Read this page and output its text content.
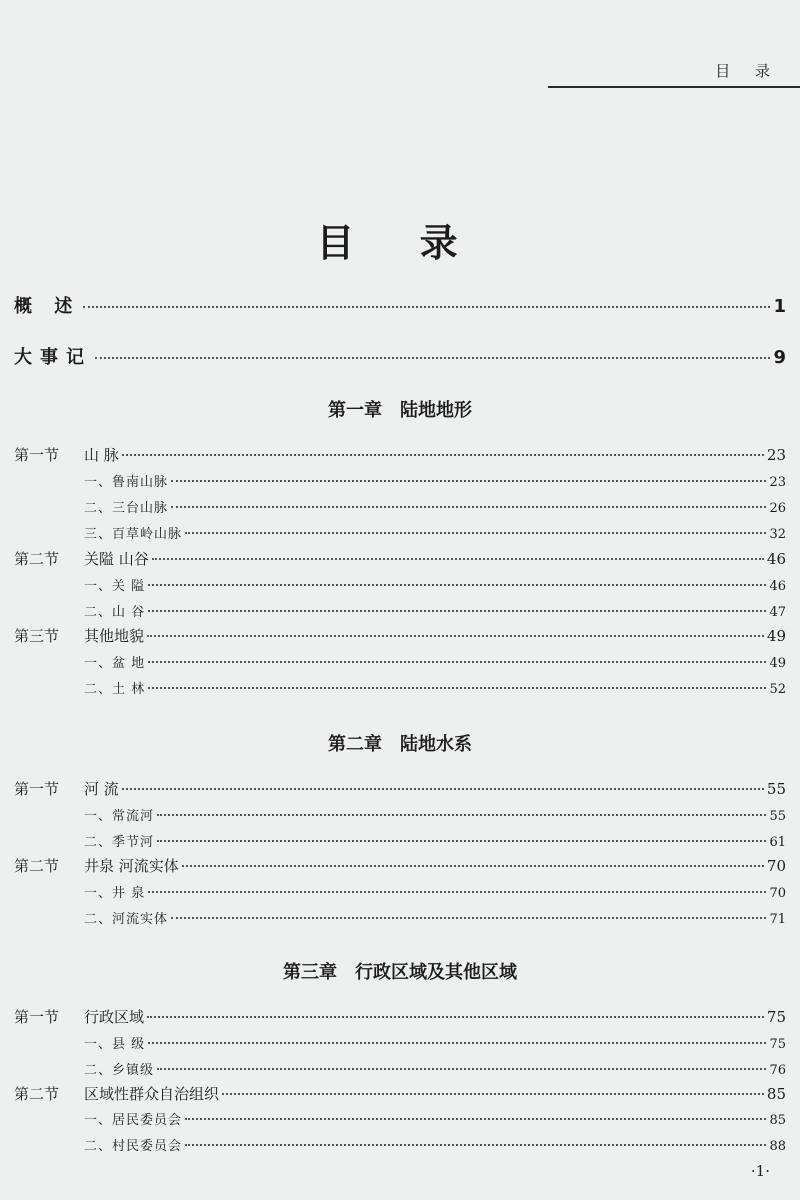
目 录
目 录
概 述	1
大事记	9
第一章 陆地地形
第一节	山 脉	23
一、鲁南山脉	23
二、三台山脉	26
三、百草岭山脉	32
第二节	关隘 山谷	46
一、关 隘	46
二、山 谷	47
第三节	其他地貌	49
一、盆 地	49
二、土 林	52
第二章 陆地水系
第一节	河 流	55
一、常流河	55
二、季节河	61
第二节	井泉 河流实体	70
一、井 泉	70
二、河流实体	71
第三章 行政区域及其他区域
第一节	行政区域	75
一、县 级	75
二、乡镇级	76
第二节	区域性群众自治组织	85
一、居民委员会	85
二、村民委员会	88
·1·
